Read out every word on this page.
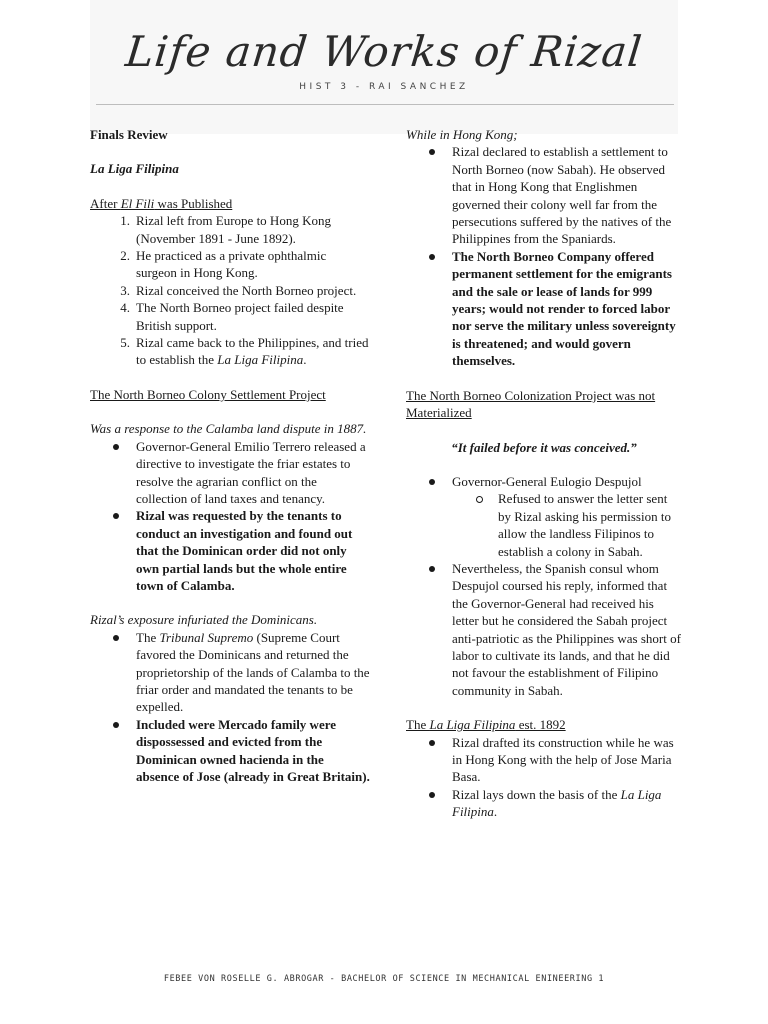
Life and Works of Rizal
HIST 3 - RAI SANCHEZ

Finals Review

La Liga Filipina

After El Fili was Published

1. Rizal left from Europe to Hong Kong (November 1891 - June 1892).
2. He practiced as a private ophthalmic surgeon in Hong Kong.
3. Rizal conceived the North Borneo project.
4. The North Borneo project failed despite British support.
5. Rizal came back to the Philippines, and tried to establish the La Liga Filipina.

The North Borneo Colony Settlement Project

Was a response to the Calamba land dispute in 1887.

Governor-General Emilio Terrero released a directive to investigate the friar estates to resolve the agrarian conflict on the collection of land taxes and tenancy.
Rizal was requested by the tenants to conduct an investigation and found out that the Dominican order did not only own partial lands but the whole entire town of Calamba.

Rizal’s exposure infuriated the Dominicans.

The Tribunal Supremo (Supreme Court favored the Dominicans and returned the proprietorship of the lands of Calamba to the friar order and mandated the tenants to be expelled.
Included were Mercado family were dispossessed and evicted from the Dominican owned hacienda in the absence of Jose (already in Great Britain).

While in Hong Kong;

Rizal declared to establish a settlement to North Borneo (now Sabah). He observed that in Hong Kong that Englishmen governed their colony well far from the persecutions suffered by the natives of the Philippines from the Spaniards.
The North Borneo Company offered permanent settlement for the emigrants and the sale or lease of lands for 999 years; would not render to forced labor nor serve the military unless sovereignty is threatened; and would govern themselves.

The North Borneo Colonization Project was not Materialized

“It failed before it was conceived.”

Governor-General Eulogio Despujol
Refused to answer the letter sent by Rizal asking his permission to allow the landless Filipinos to establish a colony in Sabah.
Nevertheless, the Spanish consul whom Despujol coursed his reply, informed that the Governor-General had received his letter but he considered the Sabah project anti-patriotic as the Philippines was short of labor to cultivate its lands, and that he did not favour the establishment of Filipino community in Sabah.

The La Liga Filipina est. 1892

Rizal drafted its construction while he was in Hong Kong with the help of Jose Maria Basa.
Rizal lays down the basis of the La Liga Filipina.
FEBEE VON ROSELLE G. ABROGAR - BACHELOR OF SCIENCE IN MECHANICAL ENINEERING 1
